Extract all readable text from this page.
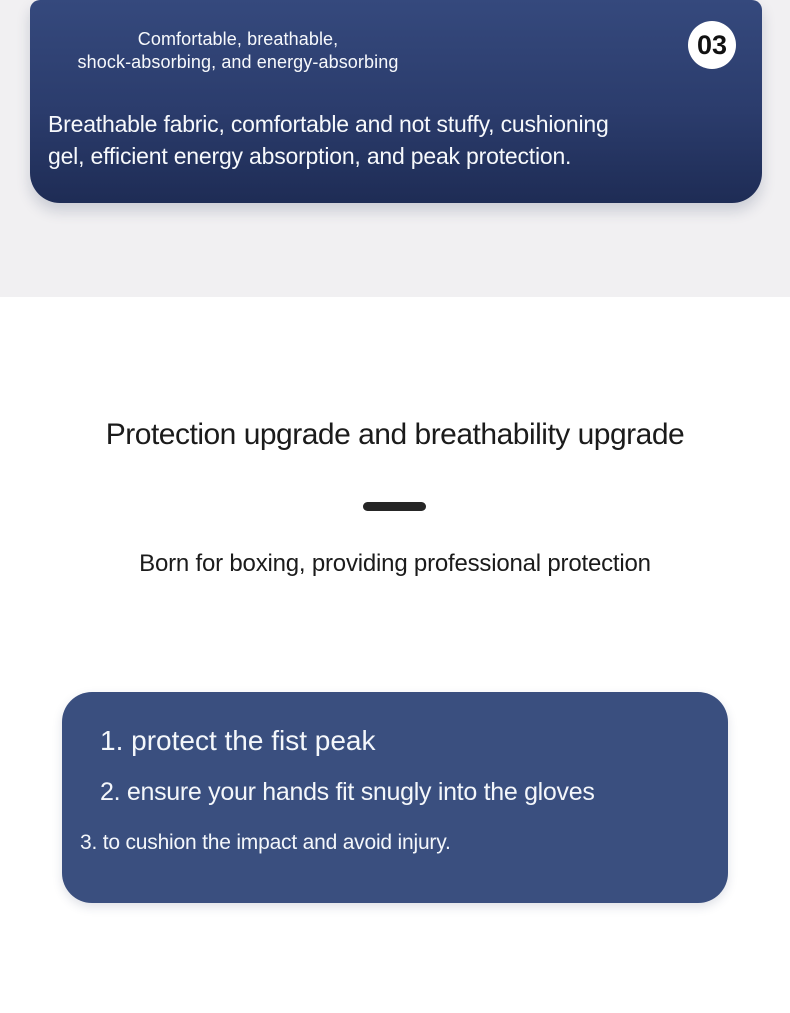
Comfortable, breathable,
shock-absorbing, and energy-absorbing
03
Breathable fabric, comfortable and not stuffy, cushioning
gel, efficient energy absorption, and peak protection.
Protection upgrade and breathability upgrade
Born for boxing, providing professional protection
1. protect the fist peak
2. ensure your hands fit snugly into the gloves
3. to cushion the impact and avoid injury.
